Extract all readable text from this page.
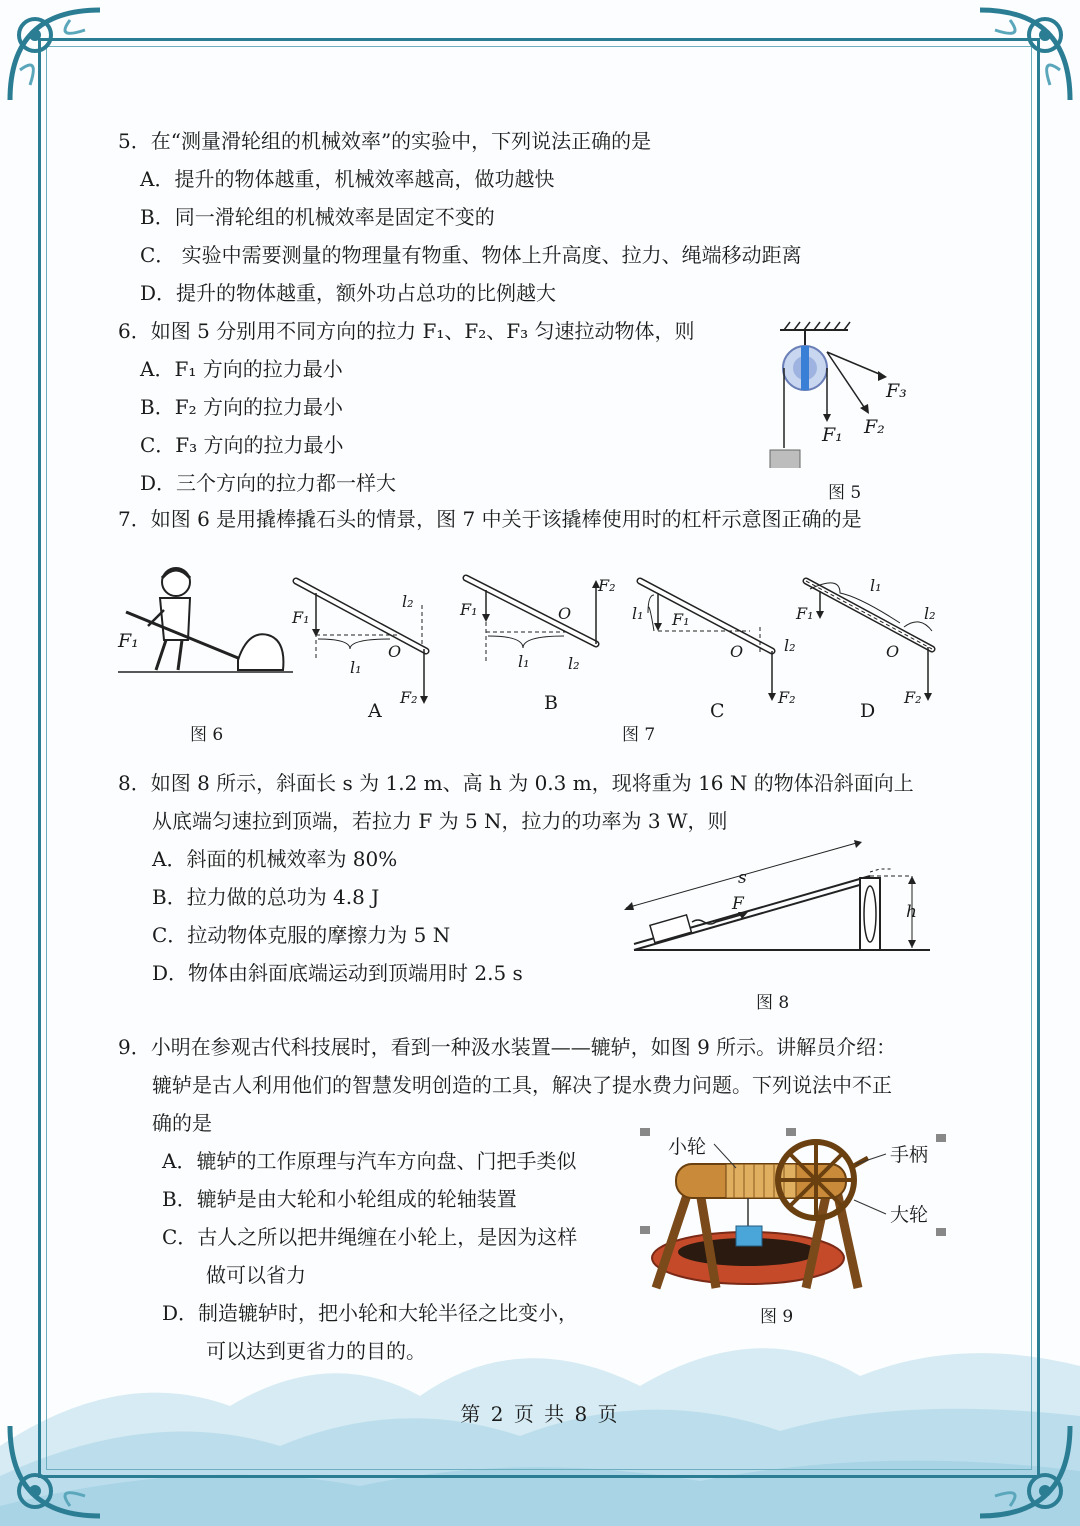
5．在“测量滑轮组的机械效率”的实验中，下列说法正确的是
A．提升的物体越重，机械效率越高，做功越快
B．同一滑轮组的机械效率是固定不变的
C． 实验中需要测量的物理量有物重、物体上升高度、拉力、绳端移动距离
D．提升的物体越重，额外功占总功的比例越大
6．如图 5 分别用不同方向的拉力 F₁、F₂、F₃ 匀速拉动物体，则
A．F₁ 方向的拉力最小
B．F₂ 方向的拉力最小
C．F₃ 方向的拉力最小
D．三个方向的拉力都一样大
F₁ F₂
F₃
图 5
7．如图 6 是用撬棒撬石头的情景，图 7 中关于该撬棒使用时的杠杆示意图正确的是
F₁
图 6
F₁
l₂
O
l₁
F₂
A
F₁
F₂
O
l₁ l₂
B
l₁ F₁
O	l₂
F₂
C
F₁
l₁
l₂
O
F₂
D
图 7
8．如图 8 所示，斜面长 s 为 1.2 m、高 h 为 0.3 m，现将重为 16 N 的物体沿斜面向上
从底端匀速拉到顶端，若拉力 F 为 5 N，拉力的功率为 3 W，则
A．斜面的机械效率为 80%
B．拉力做的总功为 4.8 J
C．拉动物体克服的摩擦力为 5 N
D．物体由斜面底端运动到顶端用时 2.5 s
s
F	h
图 8
9．小明在参观古代科技展时，看到一种汲水装置——辘轳，如图 9 所示。讲解员介绍：
辘轳是古人利用他们的智慧发明创造的工具，解决了提水费力问题。下列说法中不正
确的是
A．辘轳的工作原理与汽车方向盘、门把手类似
B．辘轳是由大轮和小轮组成的轮轴装置
C．古人之所以把井绳缠在小轮上，是因为这样
做可以省力
D．制造辘轳时，把小轮和大轮半径之比变小，
可以达到更省力的目的。
小轮	手柄
大轮
图 9
第 2 页 共 8 页
